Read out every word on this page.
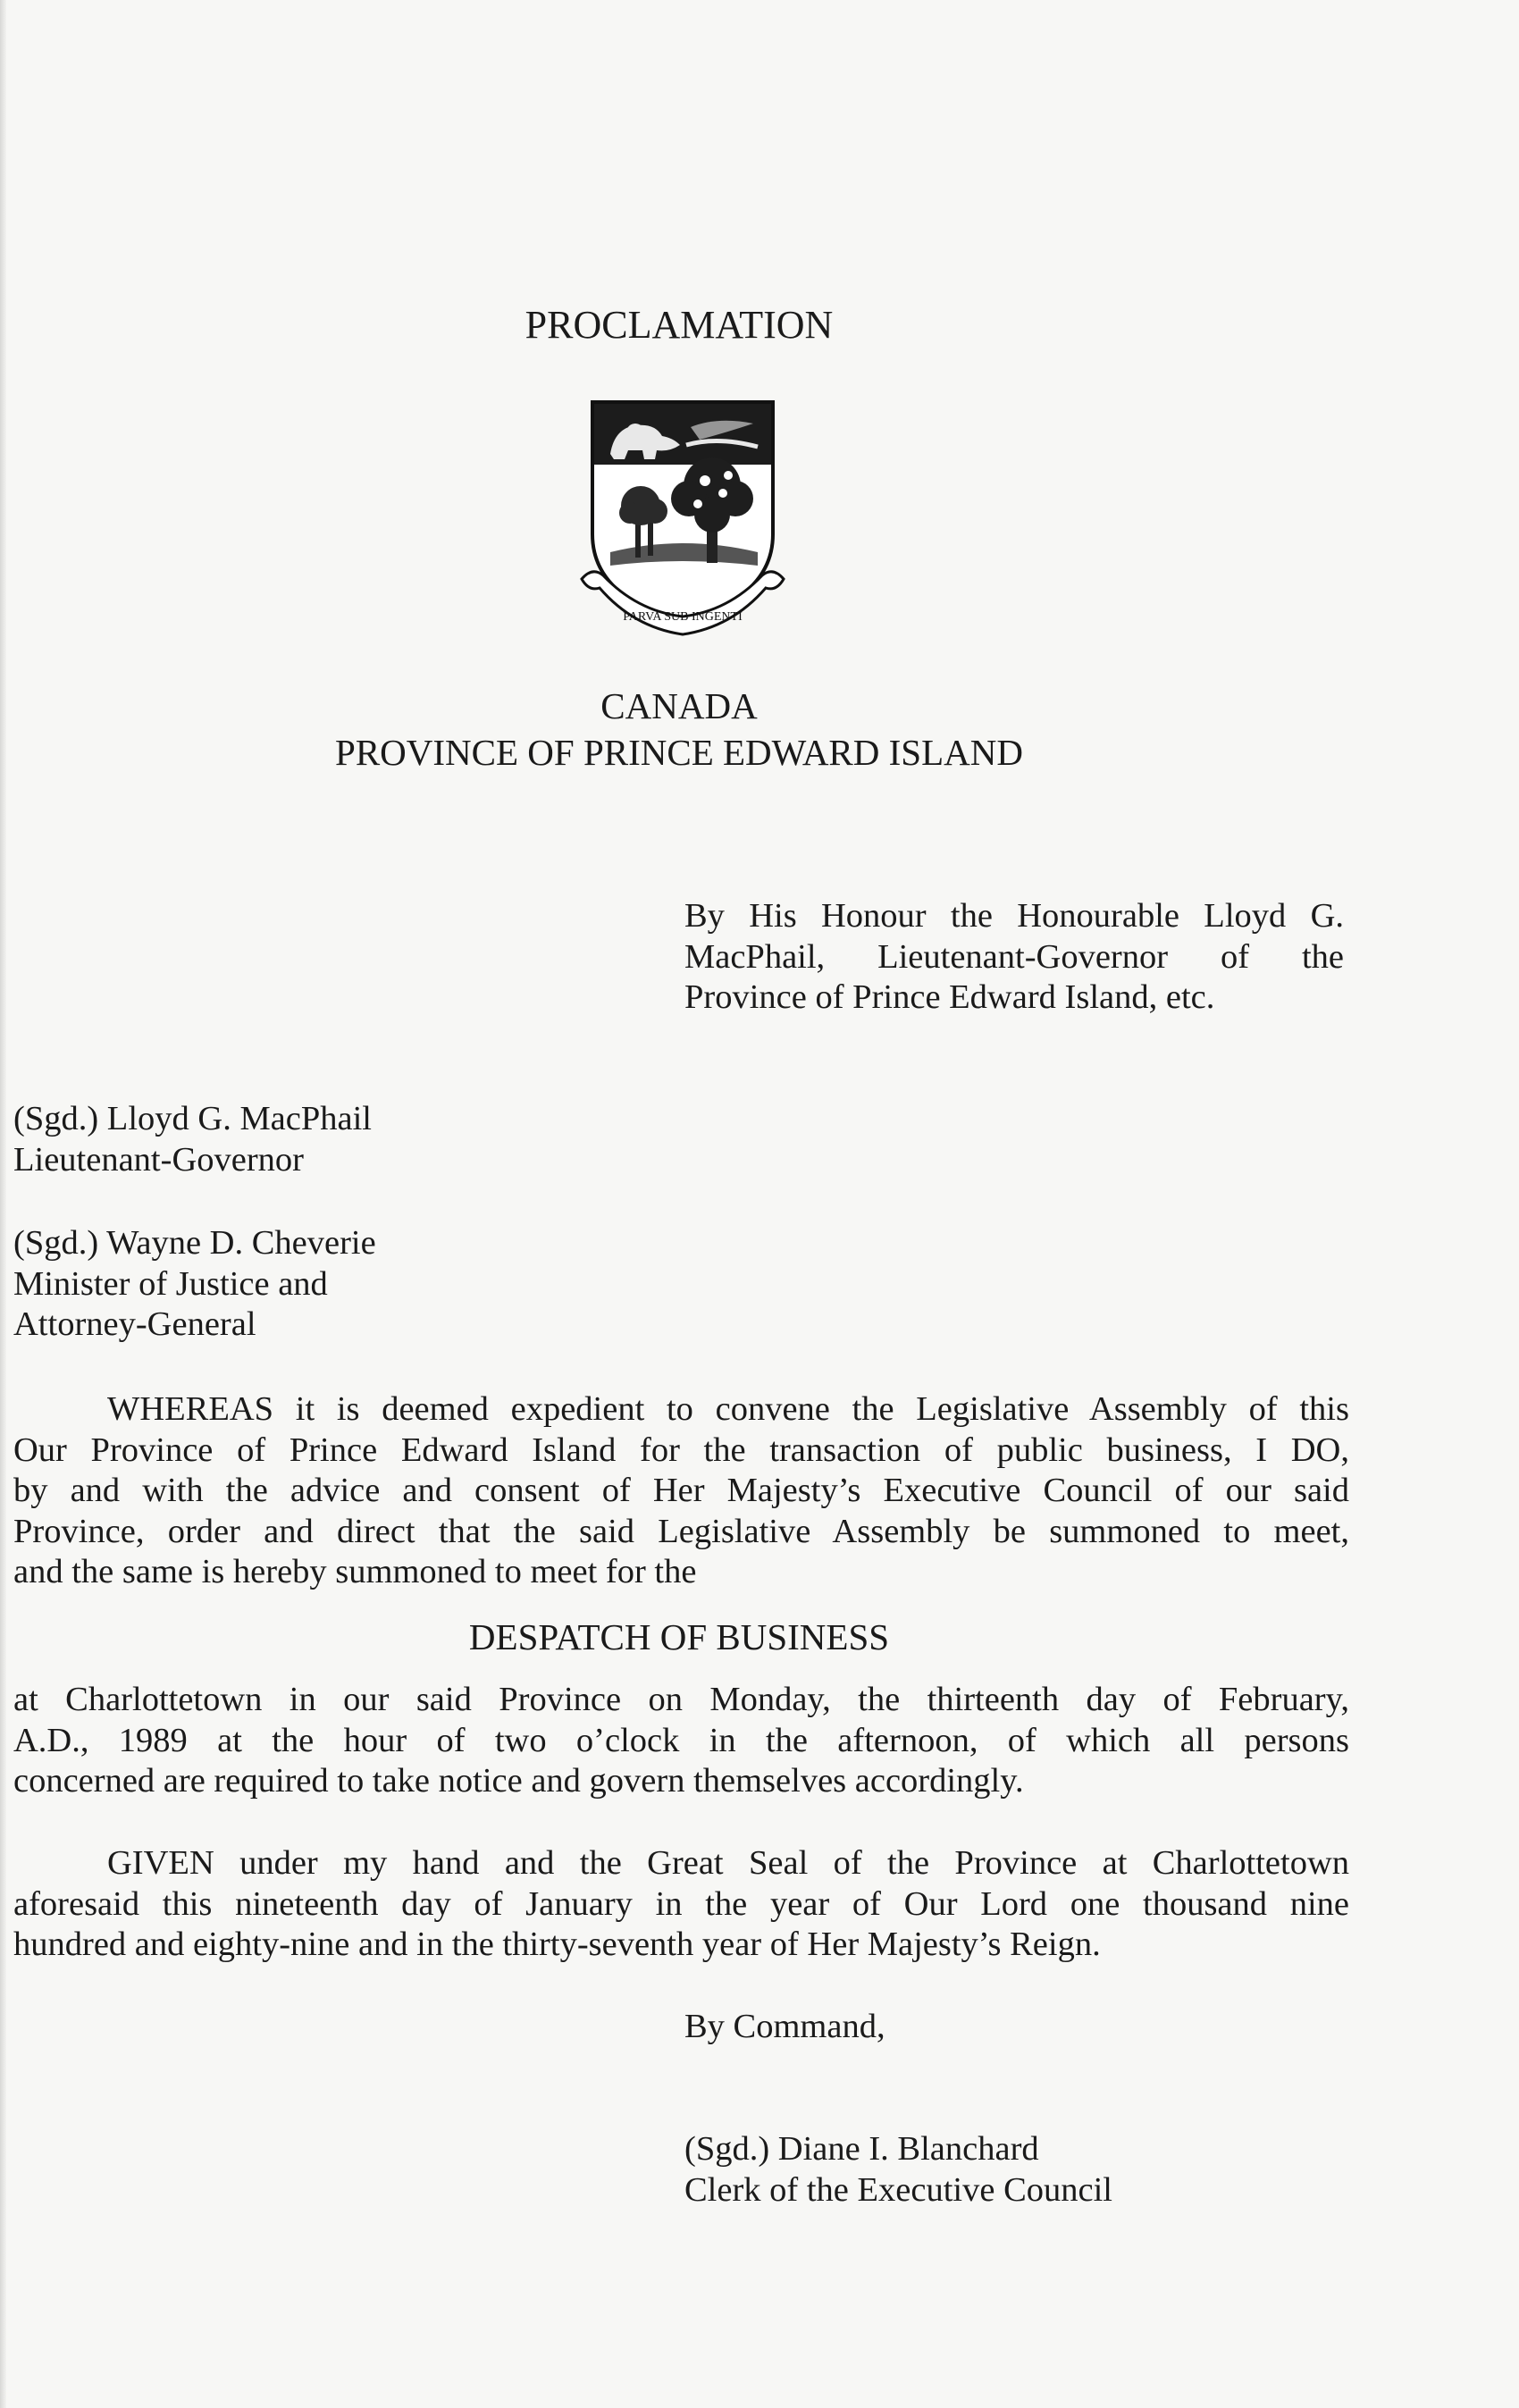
PROCLAMATION
PARVA SUB INGENTI
CANADA
PROVINCE OF PRINCE EDWARD ISLAND
By His Honour the Honourable Lloyd G.
MacPhail, Lieutenant-Governor of the
Province of Prince Edward Island, etc.
(Sgd.) Lloyd G. MacPhail
Lieutenant-Governor
(Sgd.) Wayne D. Cheverie
Minister of Justice and
Attorney-General
WHEREAS it is deemed expedient to convene the Legislative Assembly of this
Our Province of Prince Edward Island for the transaction of public business, I DO,
by and with the advice and consent of Her Majesty’s Executive Council of our said
Province, order and direct that the said Legislative Assembly be summoned to meet,
and the same is hereby summoned to meet for the
DESPATCH OF BUSINESS
at Charlottetown in our said Province on Monday, the thirteenth day of February,
A.D., 1989 at the hour of two o’clock in the afternoon, of which all persons
concerned are required to take notice and govern themselves accordingly.
GIVEN under my hand and the Great Seal of the Province at Charlottetown
aforesaid this nineteenth day of January in the year of Our Lord one thousand nine
hundred and eighty-nine and in the thirty-seventh year of Her Majesty’s Reign.
By Command,
(Sgd.) Diane I. Blanchard
Clerk of the Executive Council
